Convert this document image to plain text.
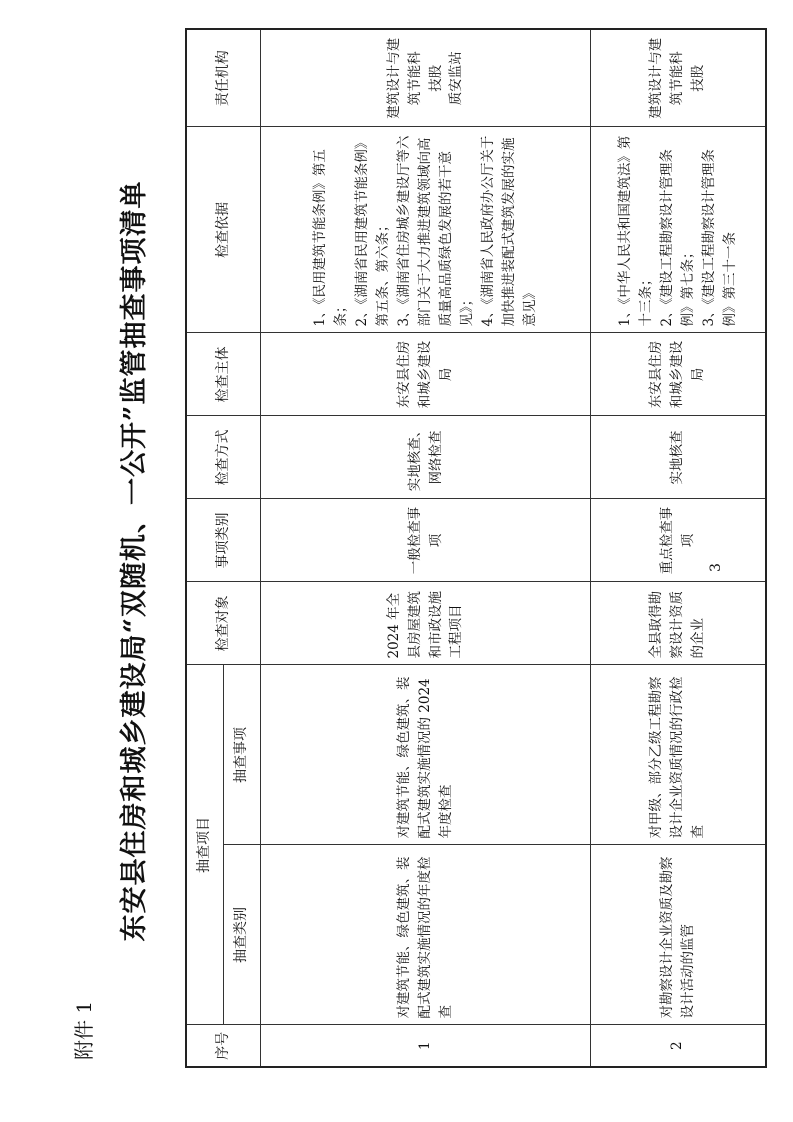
附件 1
东安县住房和城乡建设局“双随机、一公开”监管抽查事项清单
序号	抽查项目		检查对象	事项类别	检查方式	检查主体	检查依据	责任机构
	抽查类别	抽查事项						
1	对建筑节能、绿色建筑、装配式建筑实施情况的年度检查	对建筑节能、绿色建筑、装配式建筑实施情况的 2024 年度检查	2024 年全县房屋建筑和市政设施工程项目	一般检查事项	实地核查、网络检查	东安县住房和城乡建设局	1、《民用建筑节能条例》第五条； 2、《湖南省民用建筑节能条例》第五条、第六条； 3、《湖南省住房城乡建设厅等六部门关于大力推进建筑领域向高质量高品质绿色发展的若干意见》； 4、《湖南省人民政府办公厅关于加快推进装配式建筑发展的实施意见》	建筑设计与建筑节能科 技股 质安监站

2	对勘察设计企业资质及勘察设计活动的监管	对甲级、部分乙级工程勘察设计企业资质情况的行政检查	全县取得勘察设计资质的企业	重点检查事项	实地核查	东安县住房和城乡建设局	1、《中华人民共和国建筑法》第十三条； 2、《建设工程勘察设计管理条例》第七条； 3、《建设工程勘察设计管理条例》第三十一条	建筑设计与建筑节能科 技股
3
